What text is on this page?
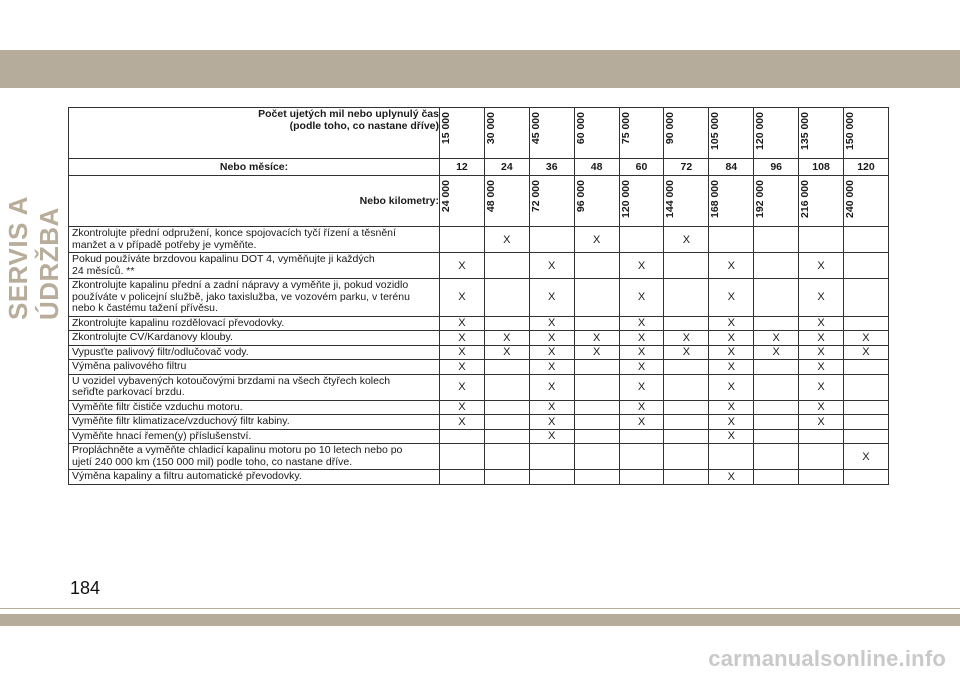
SERVIS A ÚDRŽBA
Počet ujetých mil nebo uplynulý čas
(podle toho, co nastane dříve)	15 000	30 000	45 000	60 000	75 000	90 000	105 000	120 000	135 000	150 000
Nebo měsíce:	12	24	36	48	60	72	84	96	108	120
Nebo kilometry:	24 000	48 000	72 000	96 000	120 000	144 000	168 000	192 000	216 000	240 000
Zkontrolujte přední odpružení, konce spojovacích tyčí řízení a těsnění
manžet a v případě potřeby je vyměňte.		X		X		X				
Pokud používáte brzdovou kapalinu DOT 4, vyměňujte ji každých
24 měsíců. **	X		X		X		X		X	
Zkontrolujte kapalinu přední a zadní nápravy a vyměňte ji, pokud vozidlo
používáte v policejní službě, jako taxislužba, ve vozovém parku, v terénu
nebo k častému tažení přívěsu.	X		X		X		X		X	
Zkontrolujte kapalinu rozdělovací převodovky.	X		X		X		X		X	
Zkontrolujte CV/Kardanovy klouby.	X	X	X	X	X	X	X	X	X	X
Vypusťte palivový filtr/odlučovač vody.	X	X	X	X	X	X	X	X	X	X
Výměna palivového filtru	X		X		X		X		X	
U vozidel vybavených kotoučovými brzdami na všech čtyřech kolech
seřiďte parkovací brzdu.	X		X		X		X		X	
Vyměňte filtr čističe vzduchu motoru.	X		X		X		X		X	
Vyměňte filtr klimatizace/vzduchový filtr kabiny.	X		X		X		X		X	
Vyměňte hnací řemen(y) příslušenství.			X				X			
Propláchněte a vyměňte chladicí kapalinu motoru po 10 letech nebo po
ujetí 240 000 km (150 000 mil) podle toho, co nastane dříve.										X
Výměna kapaliny a filtru automatické převodovky.							X			
184
carmanualsonline.info
